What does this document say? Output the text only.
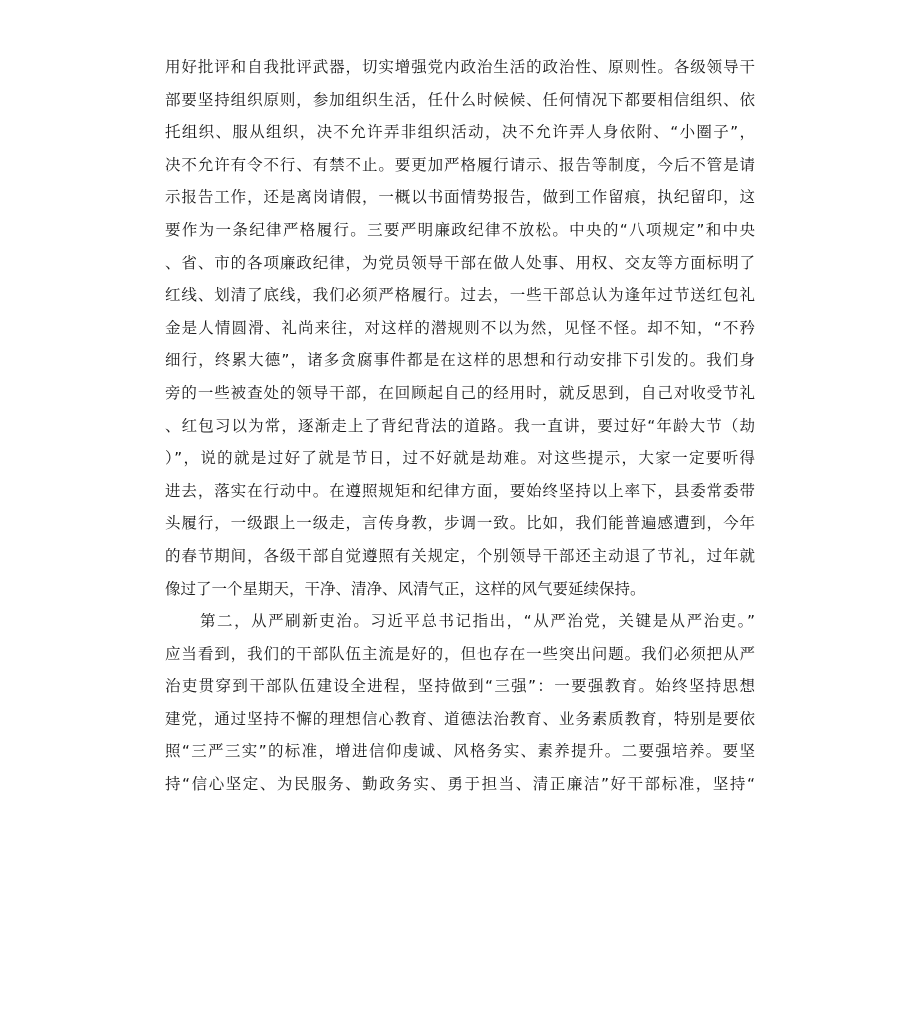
用好批评和自我批评武器，切实增强党内政治生活的政治性、原则性。各级领导干
部要坚持组织原则，参加组织生活，任什么时候候、任何情况下都要相信组织、依
托组织、服从组织，决不允许弄非组织活动，决不允许弄人身依附、“小圈子”，
决不允许有令不行、有禁不止。要更加严格履行请示、报告等制度，今后不管是请
示报告工作，还是离岗请假，一概以书面情势报告，做到工作留痕，执纪留印，这
要作为一条纪律严格履行。三要严明廉政纪律不放松。中央的“八项规定”和中央
、省、市的各项廉政纪律，为党员领导干部在做人处事、用权、交友等方面标明了
红线、划清了底线，我们必须严格履行。过去，一些干部总认为逢年过节送红包礼
金是人情圆滑、礼尚来往，对这样的潜规则不以为然，见怪不怪。却不知，“不矜
细行，终累大德”，诸多贪腐事件都是在这样的思想和行动安排下引发的。我们身
旁的一些被查处的领导干部，在回顾起自己的经用时，就反思到，自己对收受节礼
、红包习以为常，逐渐走上了背纪背法的道路。我一直讲，要过好“年龄大节（劫
）”，说的就是过好了就是节日，过不好就是劫难。对这些提示，大家一定要听得
进去，落实在行动中。在遵照规矩和纪律方面，要始终坚持以上率下，县委常委带
头履行，一级跟上一级走，言传身教，步调一致。比如，我们能普遍感遭到，今年
的春节期间，各级干部自觉遵照有关规定，个别领导干部还主动退了节礼，过年就
像过了一个星期天，干净、清净、风清气正，这样的风气要延续保持。
第二，从严刷新吏治。习近平总书记指出，“从严治党，关键是从严治吏。”
应当看到，我们的干部队伍主流是好的，但也存在一些突出问题。我们必须把从严
治吏贯穿到干部队伍建设全进程，坚持做到“三强”：一要强教育。始终坚持思想
建党，通过坚持不懈的理想信心教育、道德法治教育、业务素质教育，特别是要依
照“三严三实”的标准，增进信仰虔诚、风格务实、素养提升。二要强培养。要坚
持“信心坚定、为民服务、勤政务实、勇于担当、清正廉洁”好干部标准，坚持“
